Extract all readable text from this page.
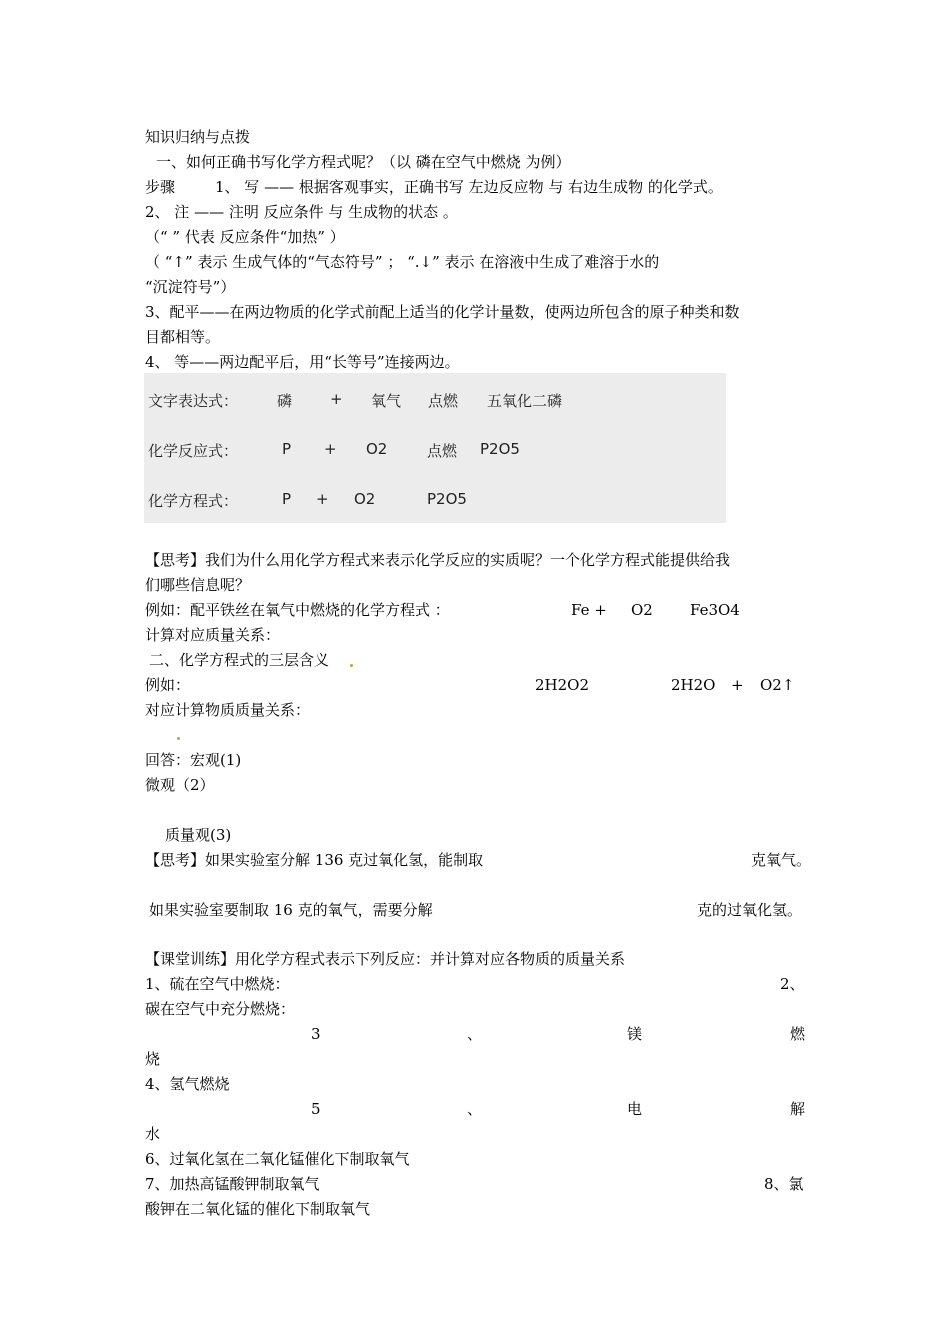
知识归纳与点拨
一、如何正确书写化学方程式呢？（以 磷在空气中燃烧 为例）
步骤	1、 写 —— 根据客观事实，正确书写 左边反应物 与 右边生成物 的化学式。
2、 注 —— 注明 反应条件 与 生成物的状态 。
（“ ” 代表 反应条件“加热” ）
（ “↑” 表示 生成气体的“气态符号” ； “.↓” 表示 在溶液中生成了难溶于水的
“沉淀符号”）
3、配平——在两边物质的化学式前配上适当的化学计量数，使两边所包含的原子种类和数
目都相等。
4、 等——两边配平后，用“长等号”连接两边。
文字表达式：	磷	+ 氧气 点燃 五氧化二磷
化学反应式：	P + O2	点燃 P2O5
化学方程式：	P + O2	P2O5
【思考】我们为什么用化学方程式来表示化学反应的实质呢？一个化学方程式能提供给我
们哪些信息呢？
例如：配平铁丝在氧气中燃烧的化学方程式 ：	Fe + O2 Fe3O4
计算对应质量关系：
二、化学方程式的三层含义
例如：	2H2O2	2H2O + O2↑
对应计算物质质量关系：
回答：宏观(1)
微观（2）
质量观(3)
【思考】如果实验室分解 136 克过氧化氢，能制取	克氧气。
如果实验室要制取 16 克的氧气，需要分解	克的过氧化氢。
【课堂训练】用化学方程式表示下列反应：并计算对应各物质的质量关系
1、硫在空气中燃烧：	2、
碳在空气中充分燃烧：
3	、	镁	燃
烧
4、氢气燃烧
5	、	电	解
水
6、过氧化氢在二氧化锰催化下制取氧气
7、加热高锰酸钾制取氧气	8、氯
酸钾在二氧化锰的催化下制取氧气
